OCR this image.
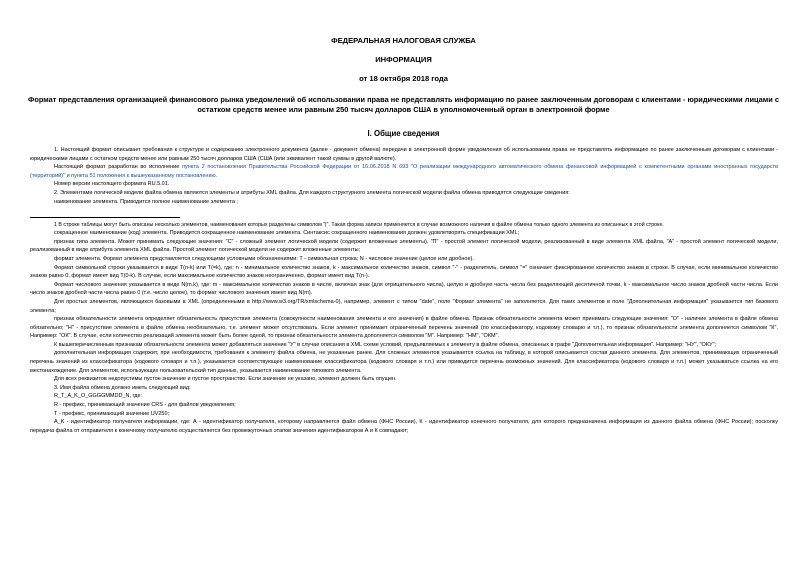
ФЕДЕРАЛЬНАЯ НАЛОГОВАЯ СЛУЖБА
ИНФОРМАЦИЯ
от 18 октября 2018 года
Формат представления организацией финансового рынка уведомлений об использовании права не представлять информацию по ранее заключенным договорам с клиентами - юридическими лицами с остатком средств менее или равным 250 тысяч долларов США в уполномоченный орган в электронной форме
I. Общие сведения

1. Настоящий формат описывает требования к структуре и содержанию электронного документа (далее - документ обмена) передачи в электронной форме уведомления об использовании права не представлять информацию по ранее заключенным договорам с клиентами - юридическими лицами с остатком средств менее или равным 250 тысяч долларов США (США (или эквивалент такой суммы в другой валюте).

Настоящий формат разработан во исполнение пункта 2 постановления Правительства Российской Федерации от 16.06.2018 N 693 "О реализации международного автоматического обмена финансовой информацией с компетентными органами иностранных государств (территорий)" и пункта 51 положения к вышеуказанному постановлению.

Номер версии настоящего формата RU.5.01.

2. Элементами логической модели файла обмена являются элементы и атрибуты XML файла. Для каждого структурного элемента логической модели файла обмена приводятся следующие сведения:

наименование элемента. Приводится полное наименование элемента ;

1 В строке таблицы могут быть описаны несколько элементов, наименования которых разделены символом "|". Такая форма записи применяется в случае возможного наличия в файле обмена только одного элемента из описанных в этой строке.

сокращенное наименование (код) элемента. Приводится сокращенное наименование элемента. Синтаксис сокращенного наименования должен удовлетворять спецификации XML;

признак типа элемента. Может принимать следующие значения: "С" - сложный элемент логической модели (содержит вложенные элементы), "П" - простой элемент логической модели, реализованный в виде элемента XML файла, "А" - простой элемент логической модели, реализованный в виде атрибута элемента XML файла. Простой элемент логической модели не содержит вложенные элементы;

формат элемента. Формат элемента представляется следующими условными обозначениями: Т - символьная строка; N - числовое значение (целое или дробное).

Формат символьной строки указывается в виде Т(n-k) или Т(=k), где: n - минимальное количество знаков, k - максимальное количество знаков, символ "-" - разделитель, символ "=" означает фиксированное количество знаков в строке. В случае, если минимальное количество знаков равно 0, формат имеет вид Т(0-k). В случае, если максимальное количество знаков неограниченно, формат имеет вид Т(n-).

Формат числового значения указывается в виде N(m.k), где: m - максимальное количество знаков в числе, включая знак (для отрицательного числа), целую и дробную часть числа без разделяющей десятичной точки, k - максимальное число знаков дробной части числа. Если число знаков дробной части числа равно 0 (т.е. число целое), то формат числового значения имеет вид N(m).

Для простых элементов, являющихся базовыми в XML (определенными в http://www.w3.org/TR/xmlschema-0), например, элемент с типом "date", поле "Формат элемента" не заполняется. Для таких элементов в поле "Дополнительная информация" указывается тип базового элемента;

признак обязательности элемента определяет обязательность присутствия элемента (совокупности наименования элемента и его значения) в файле обмена. Признак обязательности элемента может принимать следующие значения: "О" - наличие элемента в файле обмена обязательно; "Н" - присутствие элемента в файле обмена необязательно, т.е. элемент может отсутствовать. Если элемент принимает ограниченный перечень значений (по классификатору, кодовому словарю и т.п.), то признак обязательности элемента дополняется символом "К". Например: "ОК". В случае, если количество реализаций элемента может быть более одной, то признак обязательности элемента дополняется символом "М". Например: "НМ", "ОКМ".

К вышеперечисленным признакам обязательности элемента может добавляться значение "У" в случае описания в XML схеме условий, предъявляемых к элементу в файле обмена, описанных в графе "Дополнительная информация". Например: "НУ", "ОКУ";

дополнительная информация содержит, при необходимости, требования к элементу файла обмена, не указанные ранее. Для сложных элементов указывается ссылка на таблицу, в которой описывается состав данного элемента. Для элементов, принимающих ограниченный перечень значений из классификатора (кодового словаря и т.п.), указывается соответствующее наименование классификатора (кодового словаря и т.п.) или приводится перечень возможных значений. Для классификатора (кодового словаря и т.п.) может указываться ссылка на его местонахождение. Для элементов, использующих пользовательский тип данных, указывается наименование типового элемента.

Для всех реквизитов недопустимы пустое значение и пустое пространство. Если значение не указано, элемент должен быть опущен.

3. Имя файла обмена должно иметь следующий вид:

R_T_A_K_O_GGGGMMDD_N, где:

R - префикс, принимающий значение CRS - для файлов уведомления;

Т - префикс, принимающий значение UV250;

A_K - идентификатор получателя информации, где: А - идентификатор получателя, которому направляется файл обмена (ФНС России), К - идентификатор конечного получателя, для которого предназначена информация из данного файла обмена (ФНС России); посколку передача файла от отправителя к конечному получателю осуществляется без промежуточных этапов значения идентификаторов А и К совпадают;
